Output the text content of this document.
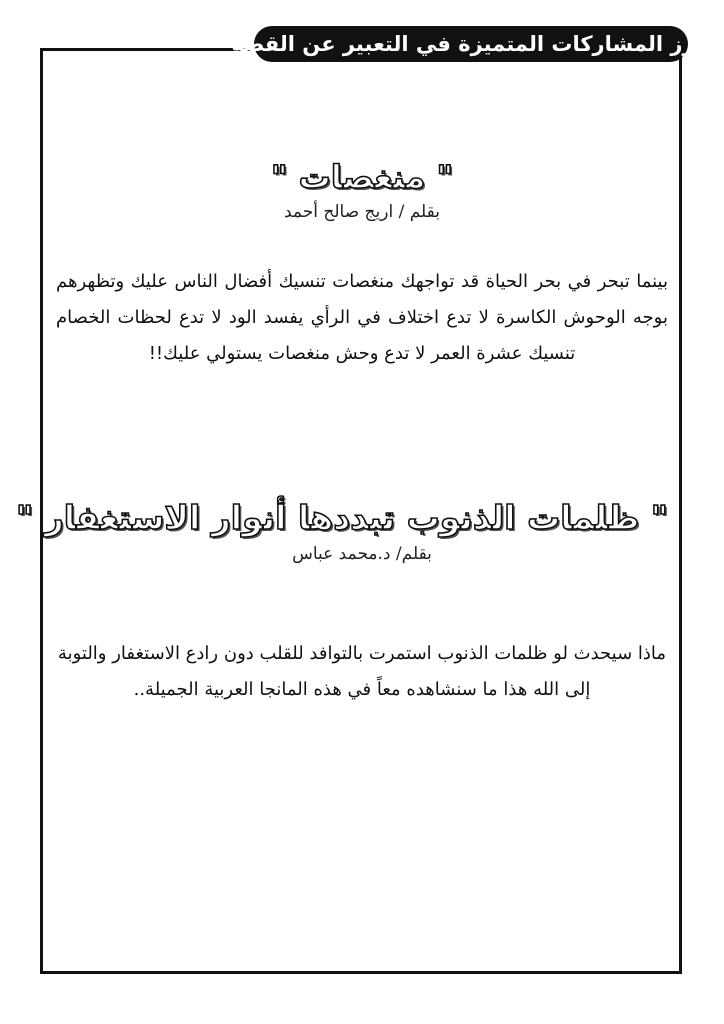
ابرز المشاركات المتميزة في التعبير عن القصة
" منغصات "
بقلم / اريج صالح أحمد
بينما تبحر في بحر الحياة قد تواجهك منغصات تنسيك أفضال الناس عليك وتظهرهم بوجه الوحوش الكاسرة لا تدع اختلاف في الرأي يفسد الود لا تدع لحظات الخصام تنسيك عشرة العمر لا تدع وحش منغصات يستولي عليك!!
" ظلمات الذنوب تبددها أنوار الاستغفار "
بقلم/ د.محمد عباس
ماذا سيحدث لو ظلمات الذنوب استمرت بالتوافد للقلب دون رادع الاستغفار والتوبة إلى الله هذا ما سنشاهده معاً في هذه المانجا العربية الجميلة..
